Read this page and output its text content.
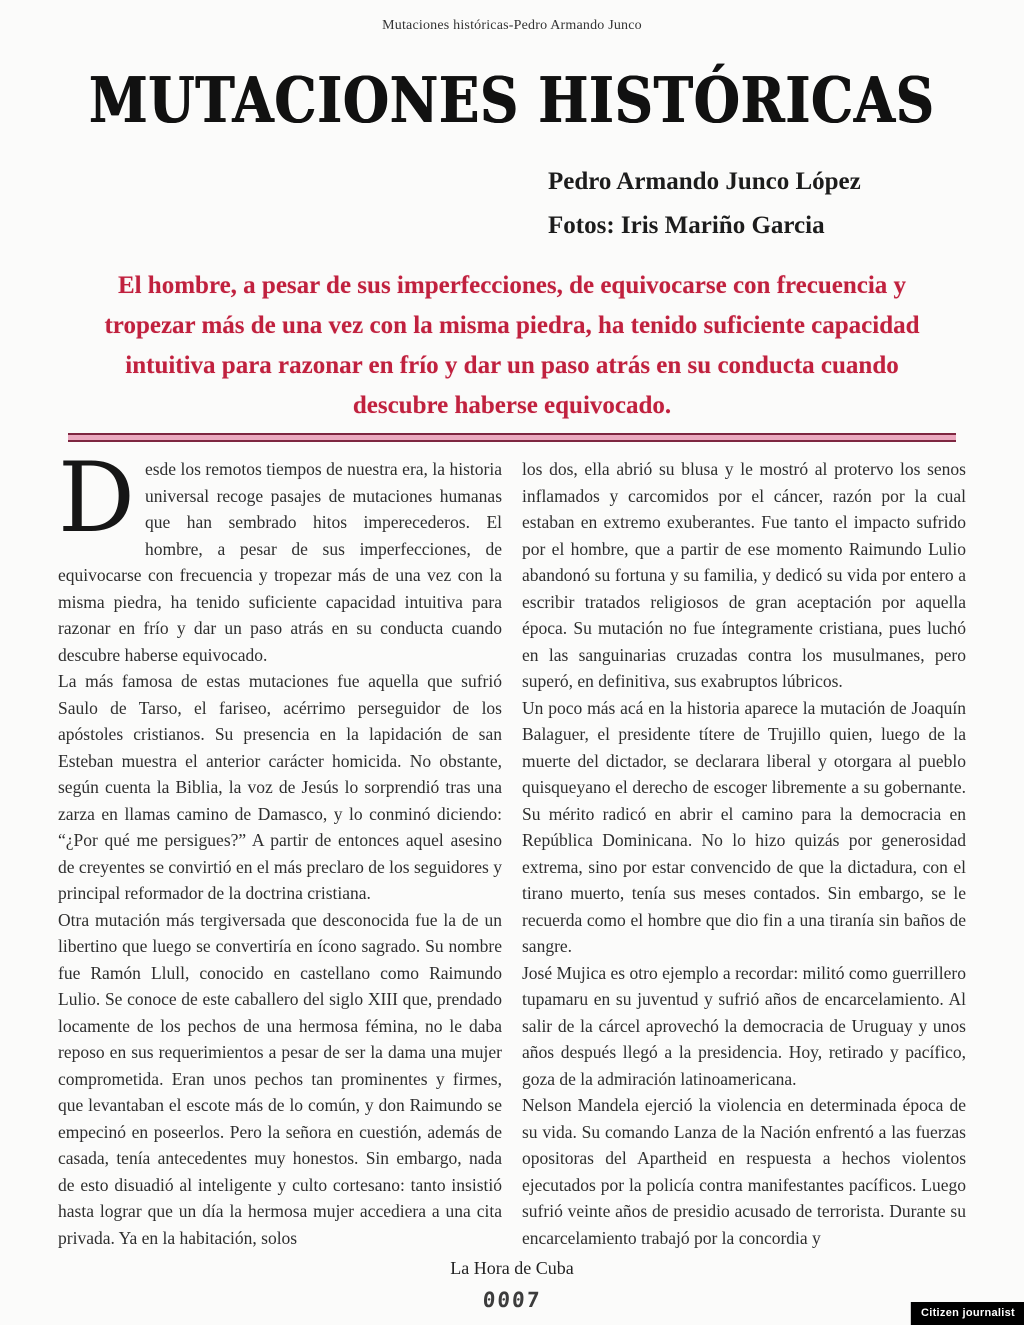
Mutaciones históricas-Pedro Armando Junco
MUTACIONES HISTÓRICAS
Pedro Armando Junco López
Fotos: Iris Mariño Garcia
El hombre, a pesar de sus imperfecciones, de equivocarse con frecuencia y tropezar más de una vez con la misma piedra, ha tenido suficiente capacidad intuitiva para razonar en frío y dar un paso atrás en su conducta cuando descubre haberse equivocado.

Desde los remotos tiempos de nuestra era, la historia universal recoge pasajes de mutaciones humanas que han sembrado hitos imperecederos. El hombre, a pesar de sus imperfecciones, de equivocarse con frecuencia y tropezar más de una vez con la misma piedra, ha tenido suficiente capacidad intuitiva para razonar en frío y dar un paso atrás en su conducta cuando descubre haberse equivocado.

La más famosa de estas mutaciones fue aquella que sufrió Saulo de Tarso, el fariseo, acérrimo perseguidor de los apóstoles cristianos. Su presencia en la lapidación de san Esteban muestra el anterior carácter homicida. No obstante, según cuenta la Biblia, la voz de Jesús lo sorprendió tras una zarza en llamas camino de Damasco, y lo conminó diciendo: “¿Por qué me persigues?” A partir de entonces aquel asesino de creyentes se convirtió en el más preclaro de los seguidores y principal reformador de la doctrina cristiana.

Otra mutación más tergiversada que desconocida fue la de un libertino que luego se convertiría en ícono sagrado. Su nombre fue Ramón Llull, conocido en castellano como Raimundo Lulio. Se conoce de este caballero del siglo XIII que, prendado locamente de los pechos de una hermosa fémina, no le daba reposo en sus requerimientos a pesar de ser la dama una mujer comprometida. Eran unos pechos tan prominentes y firmes, que levantaban el escote más de lo común, y don Raimundo se empecinó en poseerlos. Pero la señora en cuestión, además de casada, tenía antecedentes muy honestos. Sin embargo, nada de esto disuadió al inteligente y culto cortesano: tanto insistió hasta lograr que un día la hermosa mujer accediera a una cita privada. Ya en la habitación, solos

los dos, ella abrió su blusa y le mostró al protervo los senos inflamados y carcomidos por el cáncer, razón por la cual estaban en extremo exuberantes. Fue tanto el impacto sufrido por el hombre, que a partir de ese momento Raimundo Lulio abandonó su fortuna y su familia, y dedicó su vida por entero a escribir tratados religiosos de gran aceptación por aquella época. Su mutación no fue íntegramente cristiana, pues luchó en las sanguinarias cruzadas contra los musulmanes, pero superó, en definitiva, sus exabruptos lúbricos.

Un poco más acá en la historia aparece la mutación de Joaquín Balaguer, el presidente títere de Trujillo quien, luego de la muerte del dictador, se declarara liberal y otorgara al pueblo quisqueyano el derecho de escoger libremente a su gobernante. Su mérito radicó en abrir el camino para la democracia en República Dominicana. No lo hizo quizás por generosidad extrema, sino por estar convencido de que la dictadura, con el tirano muerto, tenía sus meses contados. Sin embargo, se le recuerda como el hombre que dio fin a una tiranía sin baños de sangre.

José Mujica es otro ejemplo a recordar: militó como guerrillero tupamaru en su juventud y sufrió años de encarcelamiento. Al salir de la cárcel aprovechó la democracia de Uruguay y unos años después llegó a la presidencia. Hoy, retirado y pacífico, goza de la admiración latinoamericana.

Nelson Mandela ejerció la violencia en determinada época de su vida. Su comando Lanza de la Nación enfrentó a las fuerzas opositoras del Apartheid en respuesta a hechos violentos ejecutados por la policía contra manifestantes pacíficos. Luego sufrió veinte años de presidio acusado de terrorista. Durante su encarcelamiento trabajó por la concordia y

La Hora de Cuba
0007
Citizen journalist
